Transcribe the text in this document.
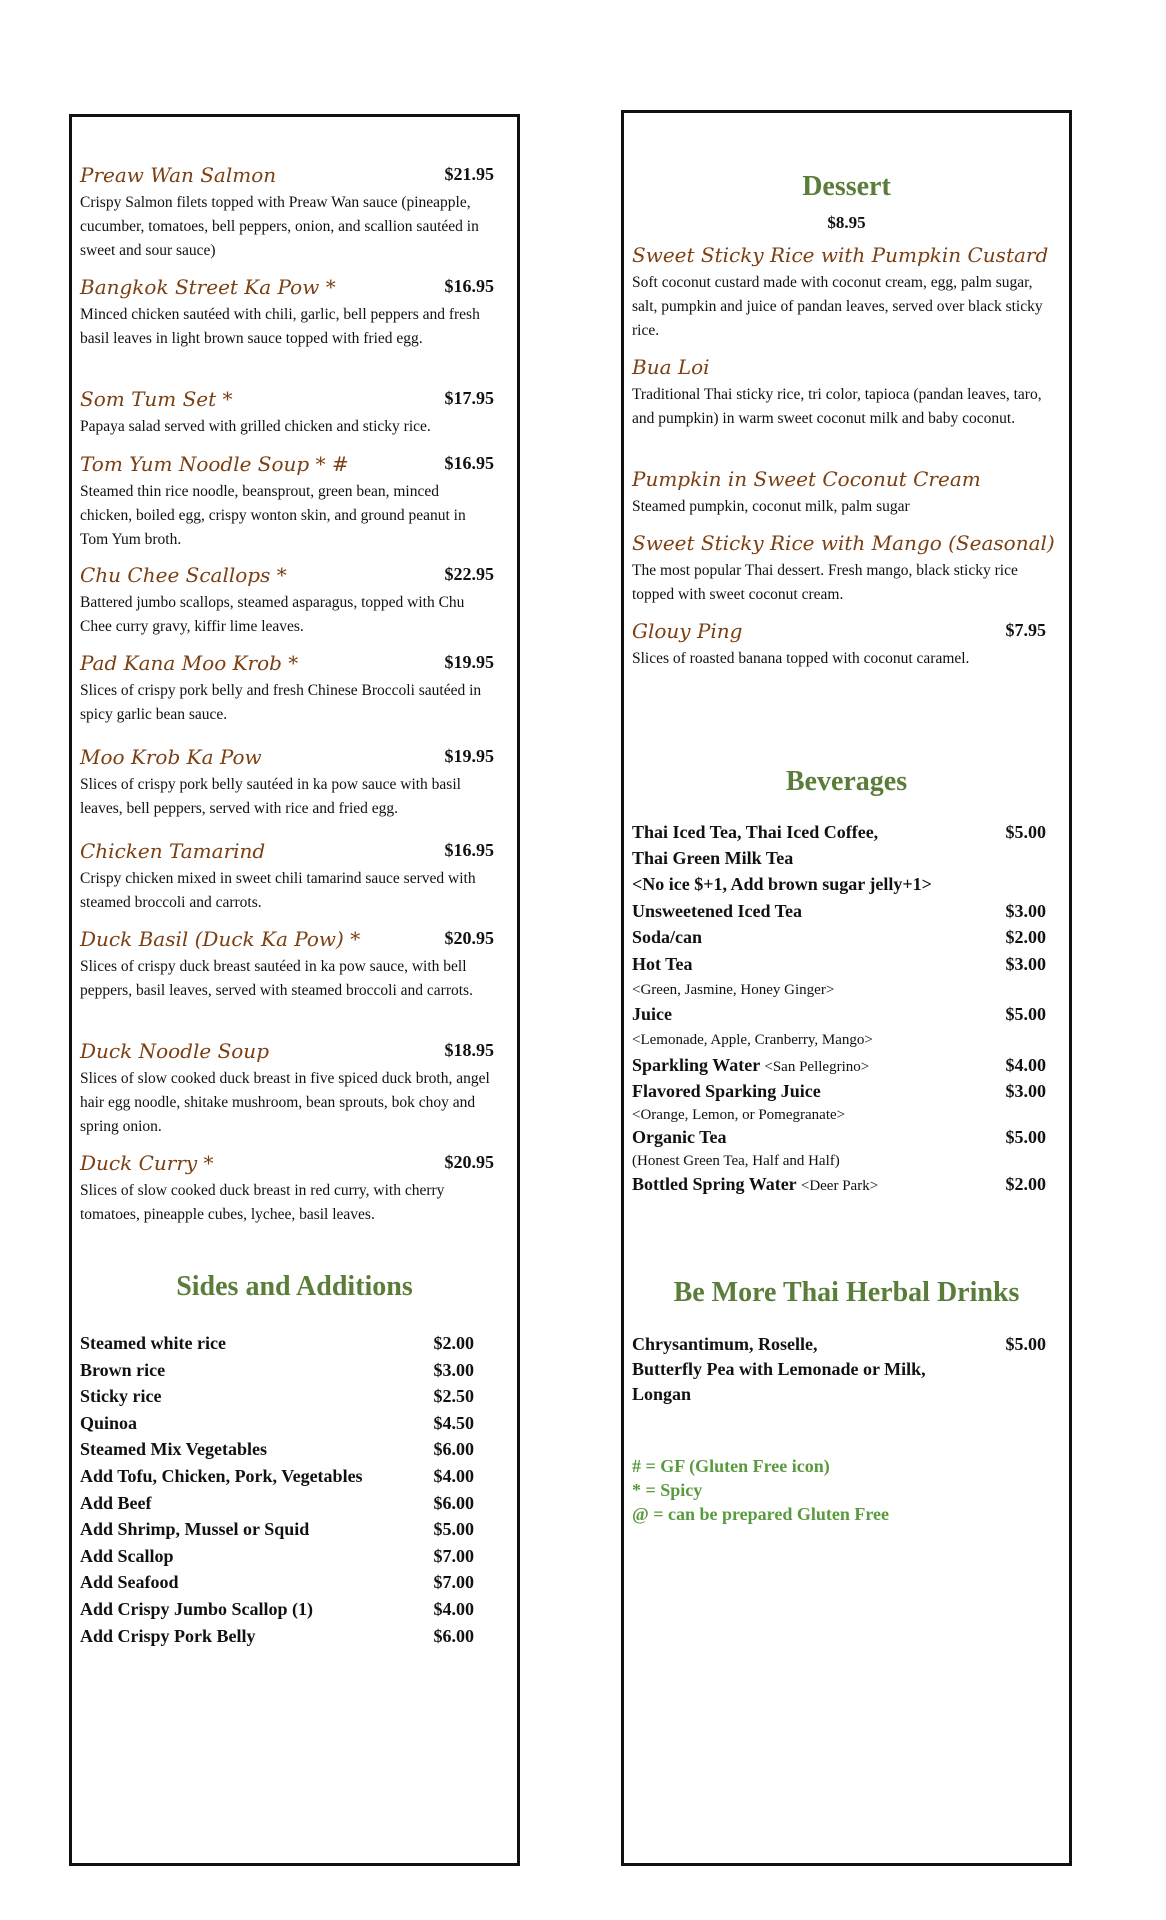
Preaw Wan Salmon	$21.95
Crispy Salmon filets topped with Preaw Wan sauce (pineapple, cucumber, tomatoes, bell peppers, onion, and scallion sautéed in sweet and sour sauce)
Bangkok Street Ka Pow *	$16.95
Minced chicken sautéed with chili, garlic, bell peppers and fresh basil leaves in light brown sauce topped with fried egg.
Som Tum Set *	$17.95
Papaya salad served with grilled chicken and sticky rice.
Tom Yum Noodle Soup * #	$16.95
Steamed thin rice noodle, beansprout, green bean, minced chicken, boiled egg, crispy wonton skin, and ground peanut in Tom Yum broth.
Chu Chee Scallops *	$22.95
Battered jumbo scallops, steamed asparagus, topped with Chu Chee curry gravy, kiffir lime leaves.
Pad Kana Moo Krob *	$19.95
Slices of crispy pork belly and fresh Chinese Broccoli sautéed in spicy garlic bean sauce.
Moo Krob Ka Pow	$19.95
Slices of crispy pork belly sautéed in ka pow sauce with basil leaves, bell peppers, served with rice and fried egg.
Chicken Tamarind	$16.95
Crispy chicken mixed in sweet chili tamarind sauce served with steamed broccoli and carrots.
Duck Basil (Duck Ka Pow) *	$20.95
Slices of crispy duck breast sautéed in ka pow sauce, with bell peppers, basil leaves, served with steamed broccoli and carrots.
Duck Noodle Soup	$18.95
Slices of slow cooked duck breast in five spiced duck broth, angel hair egg noodle, shitake mushroom, bean sprouts, bok choy and spring onion.
Duck Curry *	$20.95
Slices of slow cooked duck breast in red curry, with cherry tomatoes, pineapple cubes, lychee, basil leaves.
Sides and Additions
Steamed white rice	$2.00
Brown rice	$3.00
Sticky rice	$2.50
Quinoa	$4.50
Steamed Mix Vegetables	$6.00
Add Tofu, Chicken, Pork, Vegetables	$4.00
Add Beef	$6.00
Add Shrimp, Mussel or Squid	$5.00
Add Scallop	$7.00
Add Seafood	$7.00
Add Crispy Jumbo Scallop (1)	$4.00
Add Crispy Pork Belly	$6.00
Dessert
$8.95
Sweet Sticky Rice with Pumpkin Custard
Soft coconut custard made with coconut cream, egg, palm sugar, salt, pumpkin and juice of pandan leaves, served over black sticky rice.
Bua Loi
Traditional Thai sticky rice, tri color, tapioca (pandan leaves, taro, and pumpkin) in warm sweet coconut milk and baby coconut.
Pumpkin in Sweet Coconut Cream
Steamed pumpkin, coconut milk, palm sugar
Sweet Sticky Rice with Mango (Seasonal)
The most popular Thai dessert. Fresh mango, black sticky rice topped with sweet coconut cream.
Glouy Ping	$7.95
Slices of roasted banana topped with coconut caramel.
Beverages
Thai Iced Tea, Thai Iced Coffee,	$5.00
Thai Green Milk Tea
<No ice $+1, Add brown sugar jelly+1>
Unsweetened Iced Tea	$3.00
Soda/can	$2.00
Hot Tea	$3.00
<Green, Jasmine, Honey Ginger>
Juice	$5.00
<Lemonade, Apple, Cranberry, Mango>
Sparkling Water <San Pellegrino>	$4.00
Flavored Sparking Juice	$3.00
<Orange, Lemon, or Pomegranate>
Organic Tea	$5.00
(Honest Green Tea, Half and Half)
Bottled Spring Water <Deer Park>	$2.00
Be More Thai Herbal Drinks
Chrysantimum, Roselle,	$5.00
Butterfly Pea with Lemonade or Milk,
Longan
# = GF (Gluten Free icon)
* = Spicy
@ = can be prepared Gluten Free
